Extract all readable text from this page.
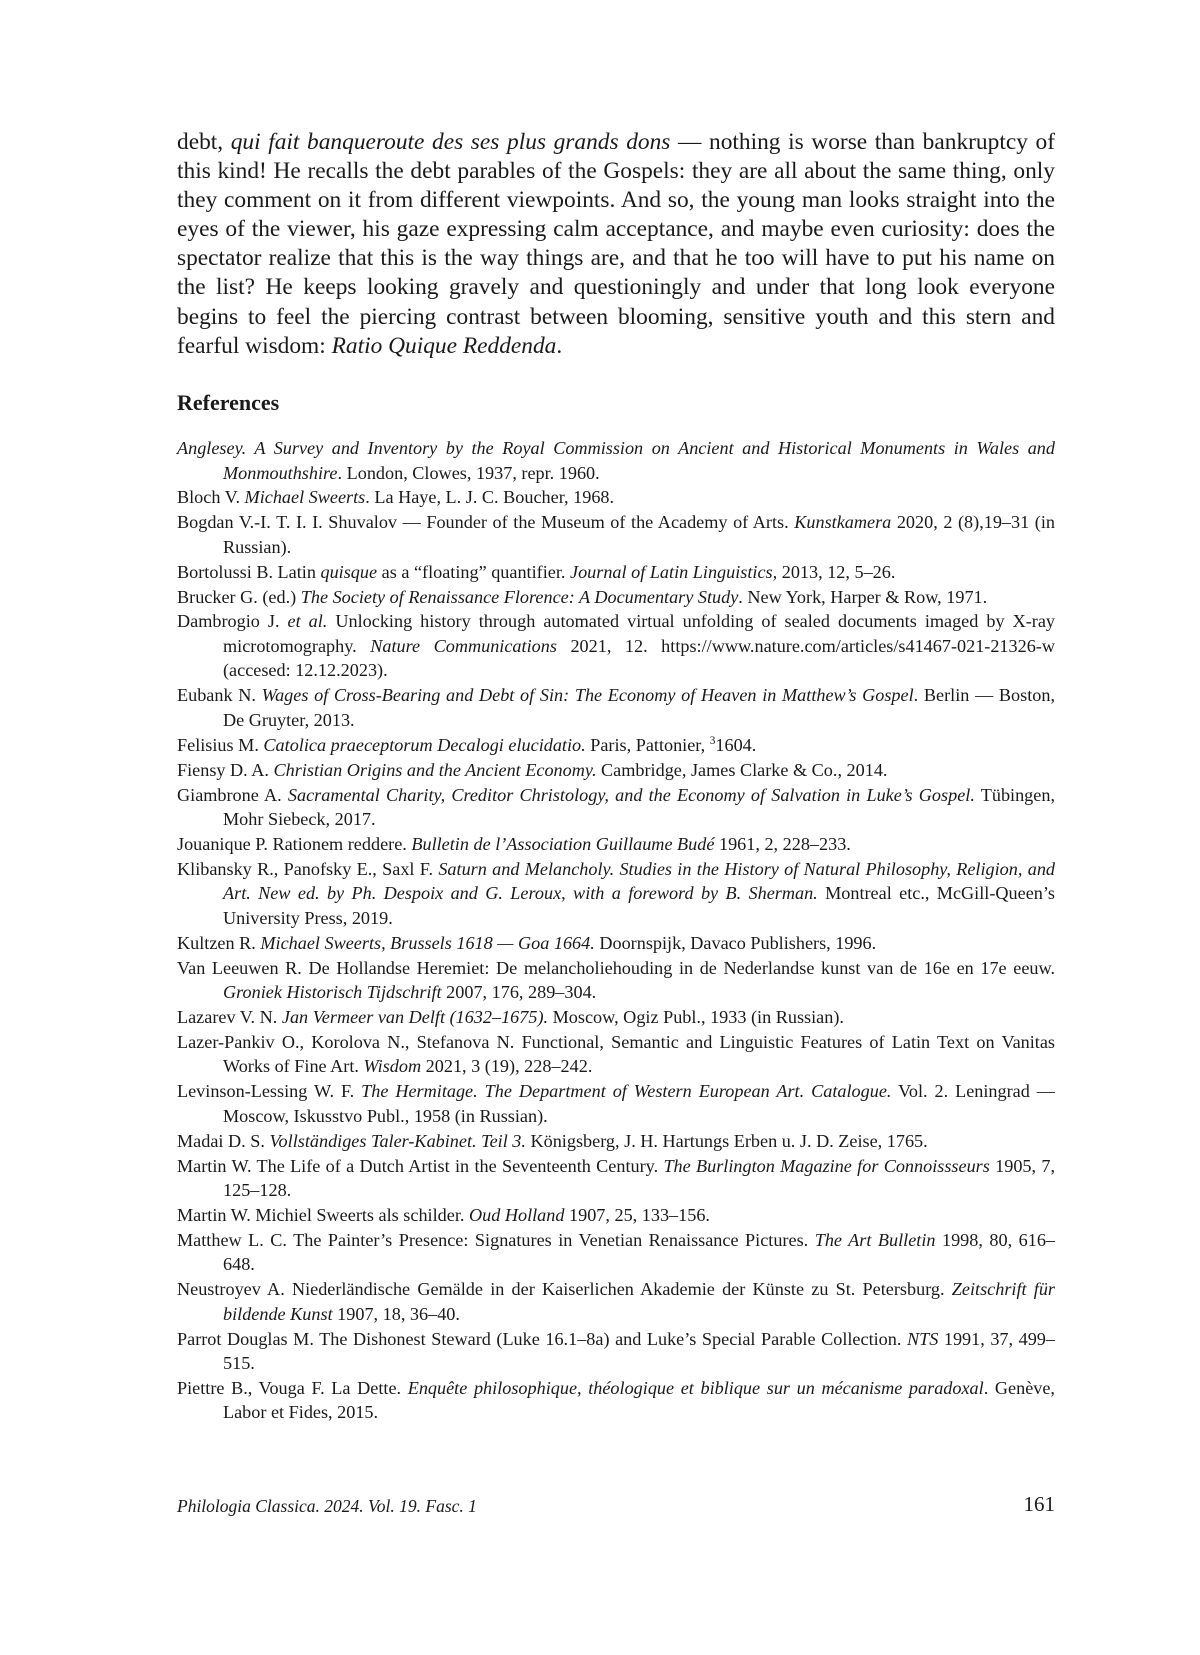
debt, qui fait banqueroute des ses plus grands dons — nothing is worse than bankruptcy of this kind! He recalls the debt parables of the Gospels: they are all about the same thing, only they comment on it from different viewpoints. And so, the young man looks straight into the eyes of the viewer, his gaze expressing calm acceptance, and maybe even curiosity: does the spectator realize that this is the way things are, and that he too will have to put his name on the list? He keeps looking gravely and questioningly and under that long look everyone begins to feel the piercing contrast between blooming, sensitive youth and this stern and fearful wisdom: Ratio Quique Reddenda.

References
Anglesey. A Survey and Inventory by the Royal Commission on Ancient and Historical Monuments in Wales and Monmouthshire. London, Clowes, 1937, repr. 1960.
Bloch V. Michael Sweerts. La Haye, L. J. C. Boucher, 1968.
Bogdan V.-I. T. I. I. Shuvalov — Founder of the Museum of the Academy of Arts. Kunstkamera 2020, 2 (8),19–31 (in Russian).
Bortolussi B. Latin quisque as a “floating” quantifier. Journal of Latin Linguistics, 2013, 12, 5–26.
Brucker G. (ed.) The Society of Renaissance Florence: A Documentary Study. New York, Harper & Row, 1971.
Dambrogio J. et al. Unlocking history through automated virtual unfolding of sealed documents imaged by X-ray microtomography. Nature Communications 2021, 12. https://www.nature.com/articles/s41467-021-21326-w (accesed: 12.12.2023).
Eubank N. Wages of Cross-Bearing and Debt of Sin: The Economy of Heaven in Matthew’s Gospel. Berlin — Boston, De Gruyter, 2013.
Felisius M. Catolica praeceptorum Decalogi elucidatio. Paris, Pattonier, $^3$1604.
Fiensy D. A. Christian Origins and the Ancient Economy. Cambridge, James Clarke & Co., 2014.
Giambrone A. Sacramental Charity, Creditor Christology, and the Economy of Salvation in Luke’s Gospel. Tübingen, Mohr Siebeck, 2017.
Jouanique P. Rationem reddere. Bulletin de l’Association Guillaume Budé 1961, 2, 228–233.
Klibansky R., Panofsky E., Saxl F. Saturn and Melancholy. Studies in the History of Natural Philosophy, Religion, and Art. New ed. by Ph. Despoix and G. Leroux, with a foreword by B. Sherman. Montreal etc., McGill-Queen’s University Press, 2019.
Kultzen R. Michael Sweerts, Brussels 1618 — Goa 1664. Doornspijk, Davaco Publishers, 1996.
Van Leeuwen R. De Hollandse Heremiet: De melancholiehouding in de Nederlandse kunst van de 16e en 17e eeuw. Groniek Historisch Tijdschrift 2007, 176, 289–304.
Lazarev V. N. Jan Vermeer van Delft (1632–1675). Moscow, Ogiz Publ., 1933 (in Russian).
Lazer-Pankiv O., Korolova N., Stefanova N. Functional, Semantic and Linguistic Features of Latin Text on Vanitas Works of Fine Art. Wisdom 2021, 3 (19), 228–242.
Levinson-Lessing W. F. The Hermitage. The Department of Western European Art. Catalogue. Vol. 2. Leningrad — Moscow, Iskusstvo Publ., 1958 (in Russian).
Madai D. S. Vollständiges Taler-Kabinet. Teil 3. Königsberg, J. H. Hartungs Erben u. J. D. Zeise, 1765.
Martin W. The Life of a Dutch Artist in the Seventeenth Century. The Burlington Magazine for Connoissseurs 1905, 7, 125–128.
Martin W. Michiel Sweerts als schilder. Oud Holland 1907, 25, 133–156.
Matthew L. C. The Painter’s Presence: Signatures in Venetian Renaissance Pictures. The Art Bulletin 1998, 80, 616–648.
Neustroyev A. Niederländische Gemälde in der Kaiserlichen Akademie der Künste zu St. Petersburg. Zeitschrift für bildende Kunst 1907, 18, 36–40.
Parrot Douglas M. The Dishonest Steward (Luke 16.1–8a) and Luke’s Special Parable Collection. NTS 1991, 37, 499–515.
Piettre B., Vouga F. La Dette. Enquête philosophique, théologique et biblique sur un mécanisme paradoxal. Genève, Labor et Fides, 2015.

Philologia Classica. 2024. Vol. 19. Fasc. 1	161
